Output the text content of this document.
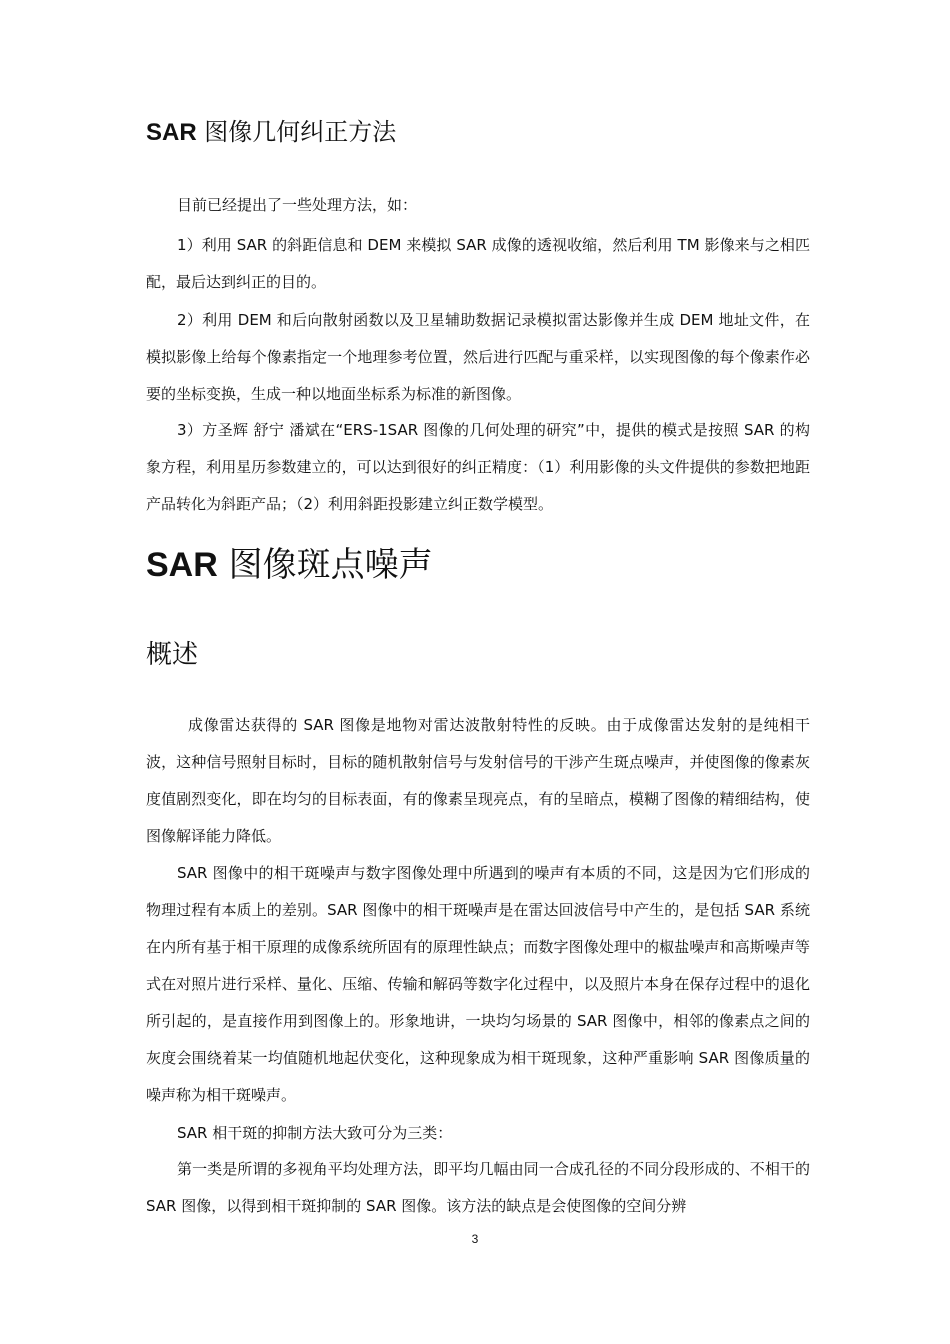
SAR 图像几何纠正方法

目前已经提出了一些处理方法，如：

1）利用 SAR 的斜距信息和 DEM 来模拟 SAR 成像的透视收缩，然后利用 TM 影像来与之相匹配，最后达到纠正的目的。

2）利用 DEM 和后向散射函数以及卫星辅助数据记录模拟雷达影像并生成 DEM 地址文件，在模拟影像上给每个像素指定一个地理参考位置，然后进行匹配与重采样，以实现图像的每个像素作必要的坐标变换，生成一种以地面坐标系为标准的新图像。

3）方圣辉 舒宁 潘斌在“ERS-1SAR 图像的几何处理的研究”中，提供的模式是按照 SAR 的构象方程，利用星历参数建立的，可以达到很好的纠正精度：（1）利用影像的头文件提供的参数把地距产品转化为斜距产品；（2）利用斜距投影建立纠正数学模型。

SAR 图像斑点噪声
概述

成像雷达获得的 SAR 图像是地物对雷达波散射特性的反映。由于成像雷达发射的是纯相干波，这种信号照射目标时，目标的随机散射信号与发射信号的干涉产生斑点噪声，并使图像的像素灰度值剧烈变化，即在均匀的目标表面，有的像素呈现亮点，有的呈暗点，模糊了图像的精细结构，使图像解译能力降低。

SAR 图像中的相干斑噪声与数字图像处理中所遇到的噪声有本质的不同，这是因为它们形成的物理过程有本质上的差别。SAR 图像中的相干斑噪声是在雷达回波信号中产生的，是包括 SAR 系统在内所有基于相干原理的成像系统所固有的原理性缺点；而数字图像处理中的椒盐噪声和高斯噪声等式在对照片进行采样、量化、压缩、传输和解码等数字化过程中，以及照片本身在保存过程中的退化所引起的，是直接作用到图像上的。形象地讲，一块均匀场景的 SAR 图像中，相邻的像素点之间的灰度会围绕着某一均值随机地起伏变化，这种现象成为相干斑现象，这种严重影响 SAR 图像质量的噪声称为相干斑噪声。

SAR 相干斑的抑制方法大致可分为三类：

第一类是所谓的多视角平均处理方法，即平均几幅由同一合成孔径的不同分段形成的、不相干的 SAR 图像，以得到相干斑抑制的 SAR 图像。该方法的缺点是会使图像的空间分辨

3
